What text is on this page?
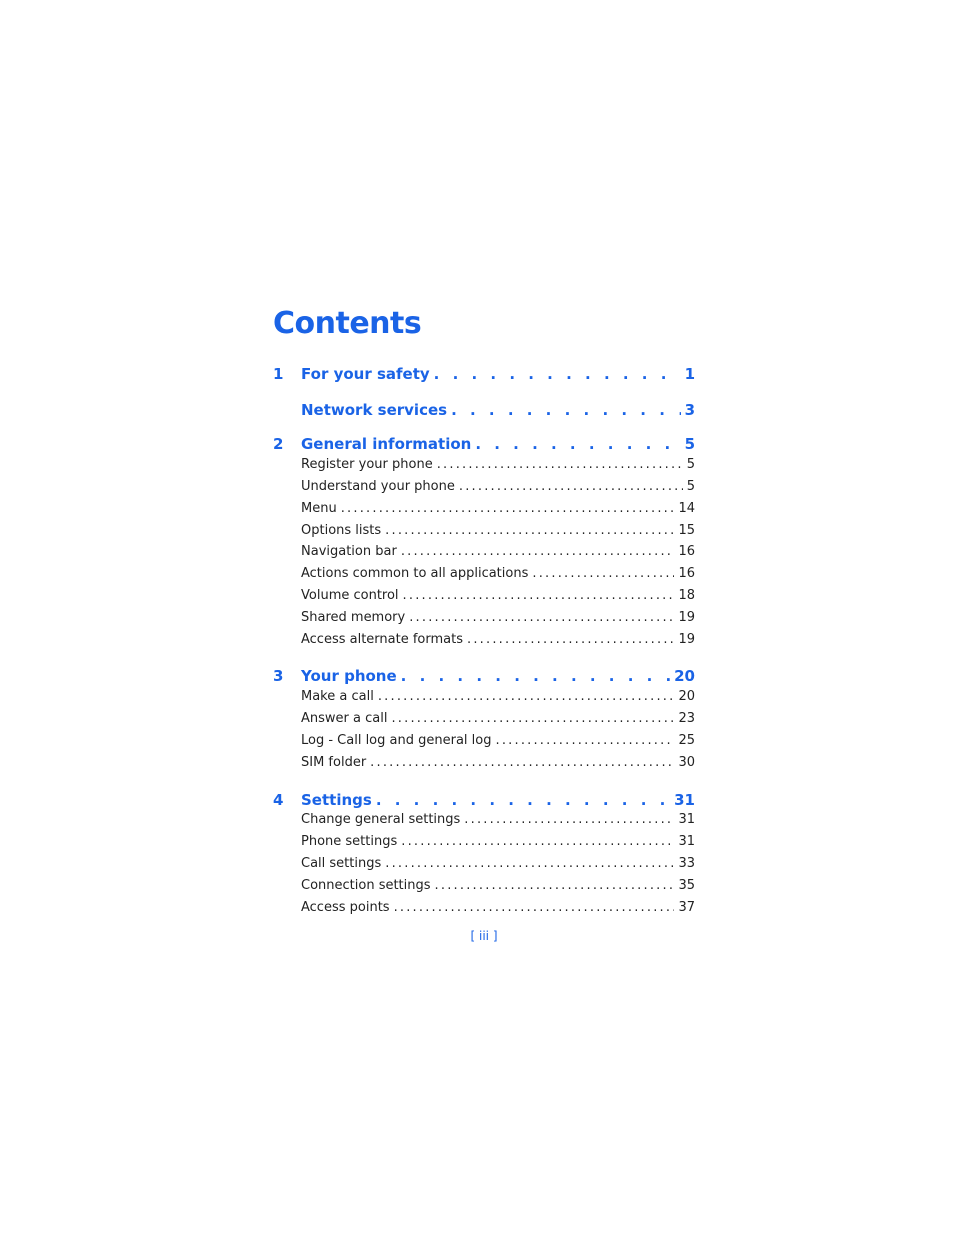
Contents
1 For your safety . . .	1
Network services . . .	3
2 General information . . .	5
Register your phone .....	5
Understand your phone .....	5
Menu .....	14
Options lists .....	15
Navigation bar .....	16
Actions common to all applications .....	16
Volume control .....	18
Shared memory .....	19
Access alternate formats .....	19
3 Your phone . . .	20
Make a call .....	20
Answer a call .....	23
Log - Call log and general log .....	25
SIM folder .....	30
4 Settings . . .	31
Change general settings .....	31
Phone settings .....	31
Call settings .....	33
Connection settings .....	35
Access points .....	37
[ iii ]
